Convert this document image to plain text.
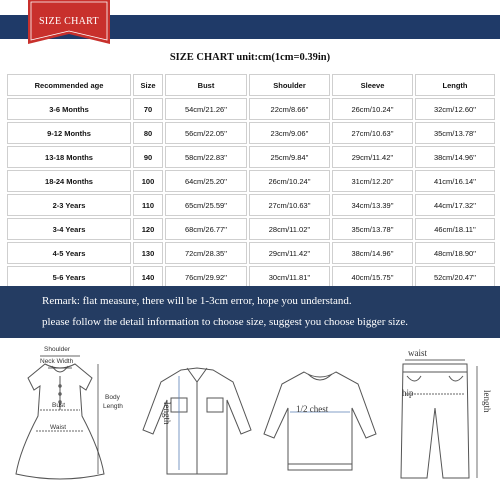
SIZE CHART
SIZE CHART unit:cm(1cm=0.39in)
Recommended age	Size	Bust	Shoulder	Sleeve	Length
3-6 Months	70	54cm/21.26''	22cm/8.66''	26cm/10.24''	32cm/12.60''
9-12 Months	80	56cm/22.05''	23cm/9.06''	27cm/10.63''	35cm/13.78''
13-18 Months	90	58cm/22.83''	25cm/9.84''	29cm/11.42''	38cm/14.96''
18-24 Months	100	64cm/25.20''	26cm/10.24''	31cm/12.20''	41cm/16.14''
2-3 Years	110	65cm/25.59''	27cm/10.63''	34cm/13.39''	44cm/17.32''
3-4 Years	120	68cm/26.77''	28cm/11.02''	35cm/13.78''	46cm/18.11''
4-5 Years	130	72cm/28.35''	29cm/11.42''	38cm/14.96''	48cm/18.90''
5-6 Years	140	76cm/29.92''	30cm/11.81''	40cm/15.75''	52cm/20.47''
Remark: flat measure, there will be 1-3cm error, hope you understand.
please follow the detail information to choose size, suggest you choose bigger size.
Shoulder
Neck Width
Body
Length
Bust
Waist
length	1/2 chest
waist
hip	length
